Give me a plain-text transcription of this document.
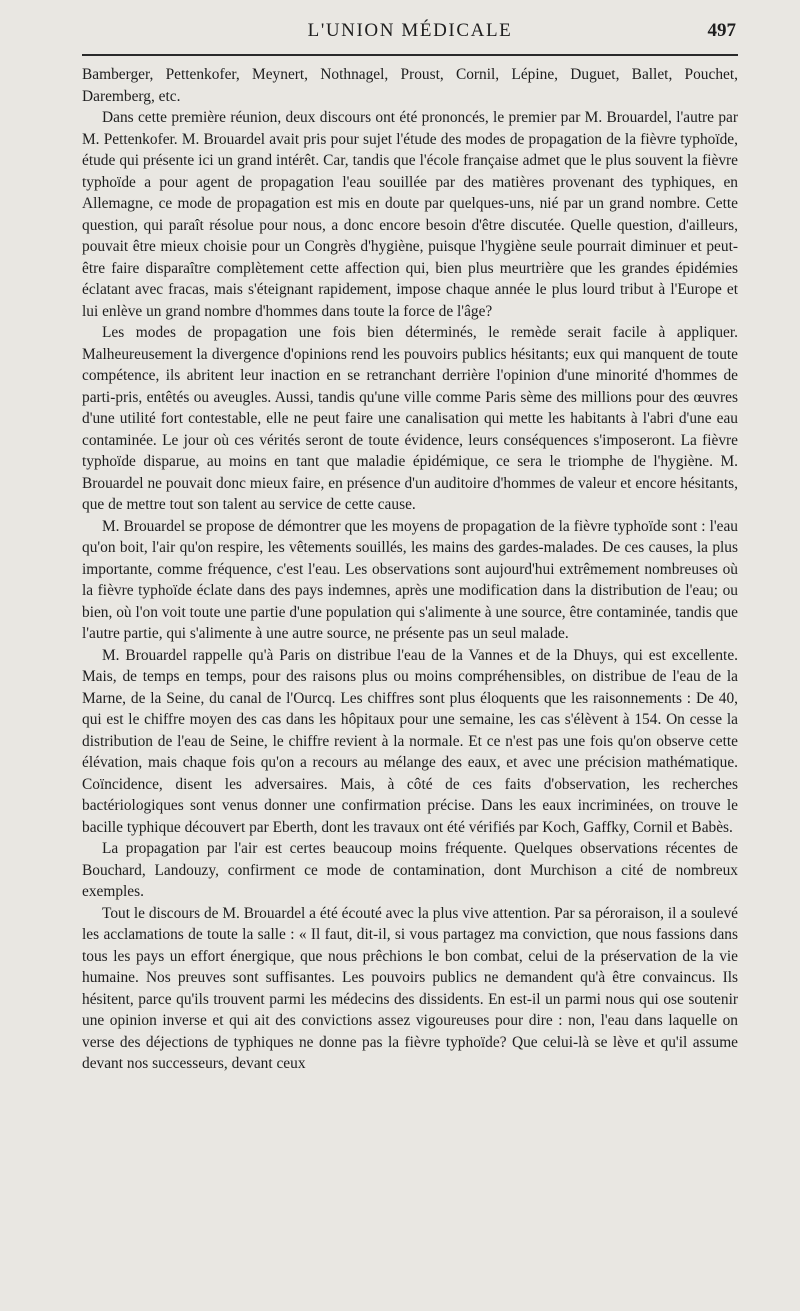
L'UNION MÉDICALE	497

Bamberger, Pettenkofer, Meynert, Nothnagel, Proust, Cornil, Lépine, Duguet, Ballet, Pouchet, Daremberg, etc.

Dans cette première réunion, deux discours ont été prononcés, le premier par M. Brouardel, l'autre par M. Pettenkofer. M. Brouardel avait pris pour sujet l'étude des modes de propagation de la fièvre typhoïde, étude qui présente ici un grand intérêt. Car, tandis que l'école française admet que le plus souvent la fièvre typhoïde a pour agent de propagation l'eau souillée par des matières provenant des typhiques, en Allemagne, ce mode de propagation est mis en doute par quelques-uns, nié par un grand nombre. Cette question, qui paraît résolue pour nous, a donc encore besoin d'être discutée. Quelle question, d'ailleurs, pouvait être mieux choisie pour un Congrès d'hygiène, puisque l'hygiène seule pourrait diminuer et peut-être faire disparaître complètement cette affection qui, bien plus meurtrière que les grandes épidémies éclatant avec fracas, mais s'éteignant rapidement, impose chaque année le plus lourd tribut à l'Europe et lui enlève un grand nombre d'hommes dans toute la force de l'âge?

Les modes de propagation une fois bien déterminés, le remède serait facile à appliquer. Malheureusement la divergence d'opinions rend les pouvoirs publics hésitants; eux qui manquent de toute compétence, ils abritent leur inaction en se retranchant derrière l'opinion d'une minorité d'hommes de parti-pris, entêtés ou aveugles. Aussi, tandis qu'une ville comme Paris sème des millions pour des œuvres d'une utilité fort contestable, elle ne peut faire une canalisation qui mette les habitants à l'abri d'une eau contaminée. Le jour où ces vérités seront de toute évidence, leurs conséquences s'imposeront. La fièvre typhoïde disparue, au moins en tant que maladie épidémique, ce sera le triomphe de l'hygiène. M. Brouardel ne pouvait donc mieux faire, en présence d'un auditoire d'hommes de valeur et encore hésitants, que de mettre tout son talent au service de cette cause.

M. Brouardel se propose de démontrer que les moyens de propagation de la fièvre typhoïde sont : l'eau qu'on boit, l'air qu'on respire, les vêtements souillés, les mains des gardes-malades. De ces causes, la plus importante, comme fréquence, c'est l'eau. Les observations sont aujourd'hui extrêmement nombreuses où la fièvre typhoïde éclate dans des pays indemnes, après une modification dans la distribution de l'eau; ou bien, où l'on voit toute une partie d'une population qui s'alimente à une source, être contaminée, tandis que l'autre partie, qui s'alimente à une autre source, ne présente pas un seul malade.

M. Brouardel rappelle qu'à Paris on distribue l'eau de la Vannes et de la Dhuys, qui est excellente. Mais, de temps en temps, pour des raisons plus ou moins compréhensibles, on distribue de l'eau de la Marne, de la Seine, du canal de l'Ourcq. Les chiffres sont plus éloquents que les raisonnements : De 40, qui est le chiffre moyen des cas dans les hôpitaux pour une semaine, les cas s'élèvent à 154. On cesse la distribution de l'eau de Seine, le chiffre revient à la normale. Et ce n'est pas une fois qu'on observe cette élévation, mais chaque fois qu'on a recours au mélange des eaux, et avec une précision mathématique. Coïncidence, disent les adversaires. Mais, à côté de ces faits d'observation, les recherches bactériologiques sont venus donner une confirmation précise. Dans les eaux incriminées, on trouve le bacille typhique découvert par Eberth, dont les travaux ont été vérifiés par Koch, Gaffky, Cornil et Babès.

La propagation par l'air est certes beaucoup moins fréquente. Quelques observations récentes de Bouchard, Landouzy, confirment ce mode de contamination, dont Murchison a cité de nombreux exemples.

Tout le discours de M. Brouardel a été écouté avec la plus vive attention. Par sa péroraison, il a soulevé les acclamations de toute la salle : « Il faut, dit-il, si vous partagez ma conviction, que nous fassions dans tous les pays un effort énergique, que nous prêchions le bon combat, celui de la préservation de la vie humaine. Nos preuves sont suffisantes. Les pouvoirs publics ne demandent qu'à être convaincus. Ils hésitent, parce qu'ils trouvent parmi les médecins des dissidents. En est-il un parmi nous qui ose soutenir une opinion inverse et qui ait des convictions assez vigoureuses pour dire : non, l'eau dans laquelle on verse des déjections de typhiques ne donne pas la fièvre typhoïde? Que celui-là se lève et qu'il assume devant nos successeurs, devant ceux
